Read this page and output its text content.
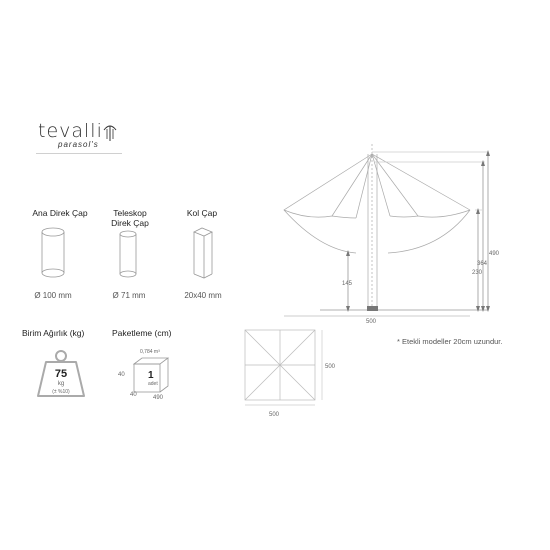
tevalli
parasol's
Ana Direk Çap	Teleskop
Direk Çap
Kol Çap
Ø 100 mm	Ø 71 mm	20x40 mm
Birim Ağırlık (kg)
75
kg
(± %10)
Paketleme (cm)
0,784 m³
1
adet
40
40	490
490
364
230
145
500
* Etekli modeller 20cm uzundur.
500
500
